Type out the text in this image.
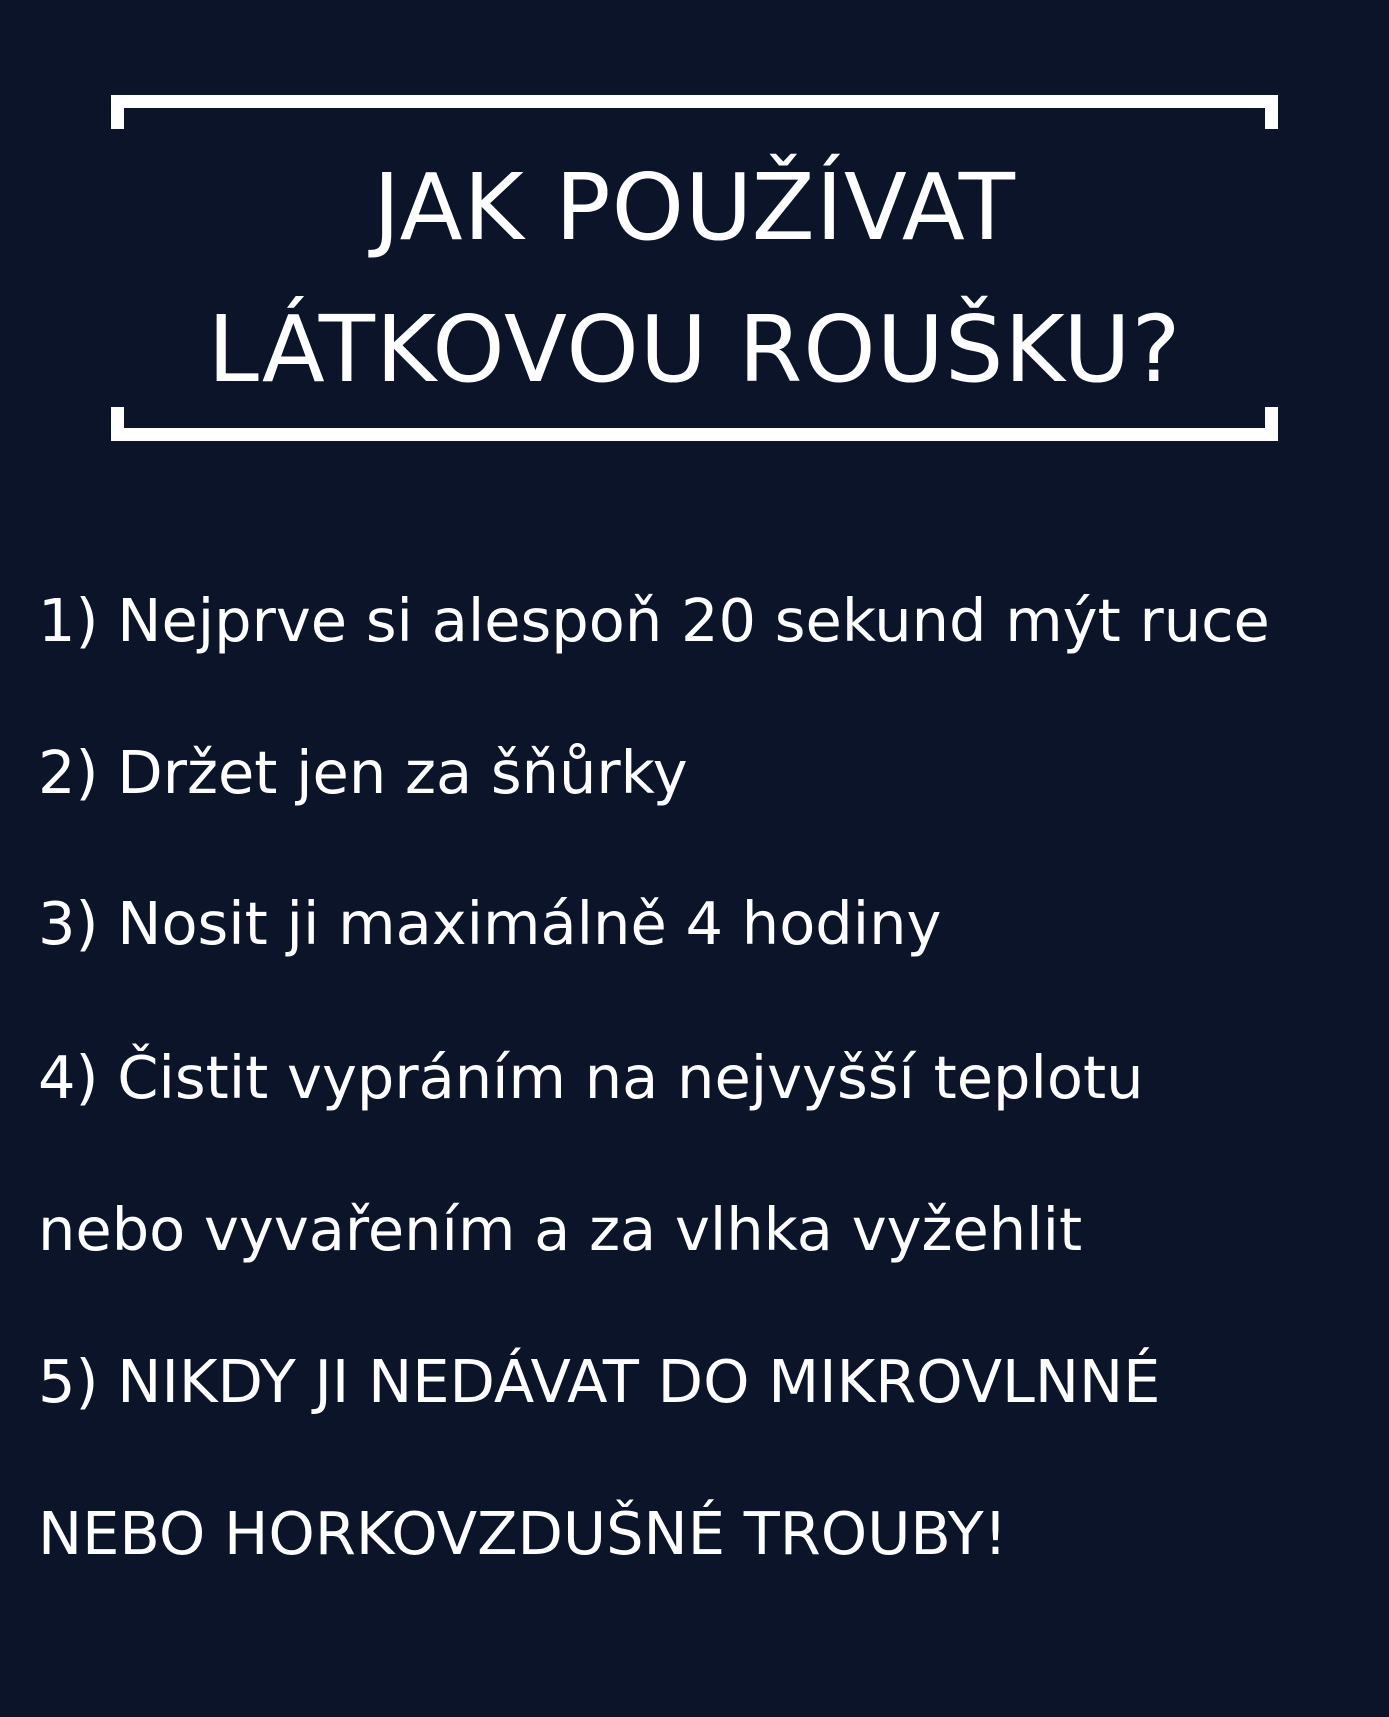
JAK POUŽÍVAT
LÁTKOVOU ROUŠKU?
1) Nejprve si alespoň 20 sekund mýt ruce
2) Držet jen za šňůrky
3) Nosit ji maximálně 4 hodiny
4) Čistit vypráním na nejvyšší teplotu
nebo vyvařením a za vlhka vyžehlit
5) NIKDY JI NEDÁVAT DO MIKROVLNNÉ
NEBO HORKOVZDUŠNÉ TROUBY!
